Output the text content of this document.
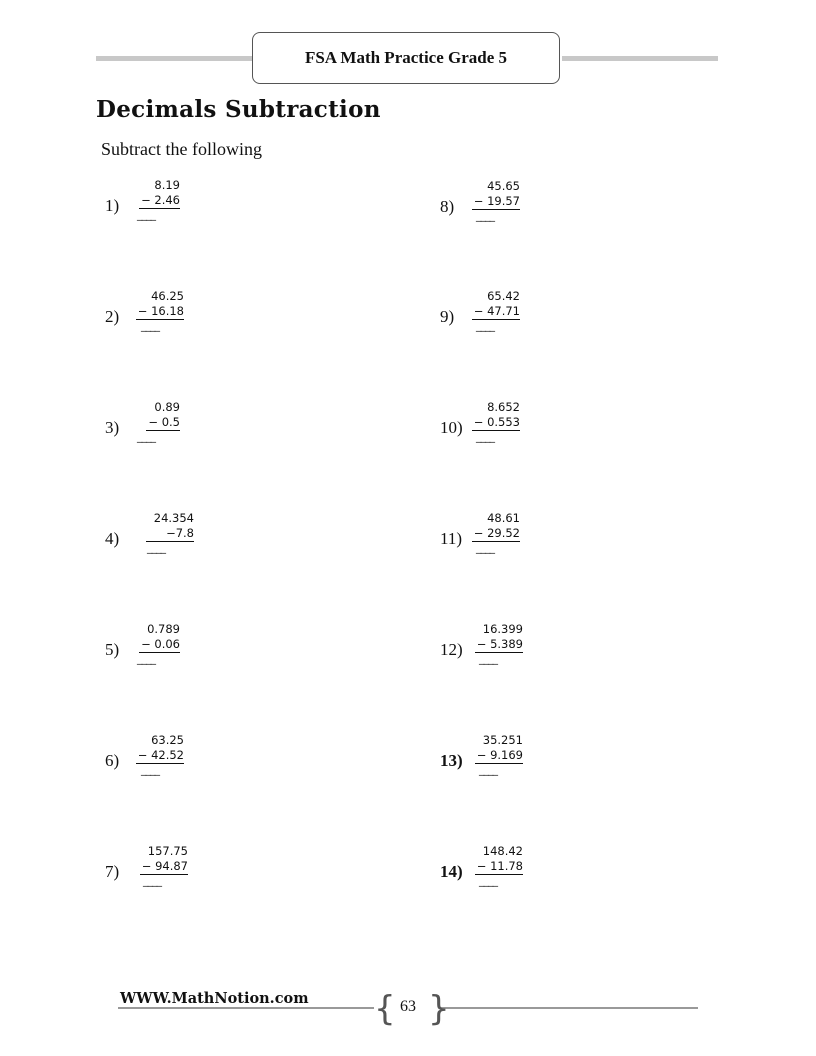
FSA Math Practice Grade 5
Decimals Subtraction
Subtract the following
1)
8.19
− 2.46
____
2)
46.25
− 16.18
____
3)
0.89
− 0.5
____
4)
24.354
−7.8
____
5)
0.789
− 0.06
____
6)
63.25
− 42.52
____
7)
157.75
− 94.87
____
8)
45.65
− 19.57
____
9)
65.42
− 47.71
____
10)
8.652
− 0.553
____
11)
48.61
− 29.52
____
12)
16.399
− 5.389
____
13)
35.251
− 9.169
____
14)
148.42
− 11.78
____
WWW.MathNotion.com { }
63
